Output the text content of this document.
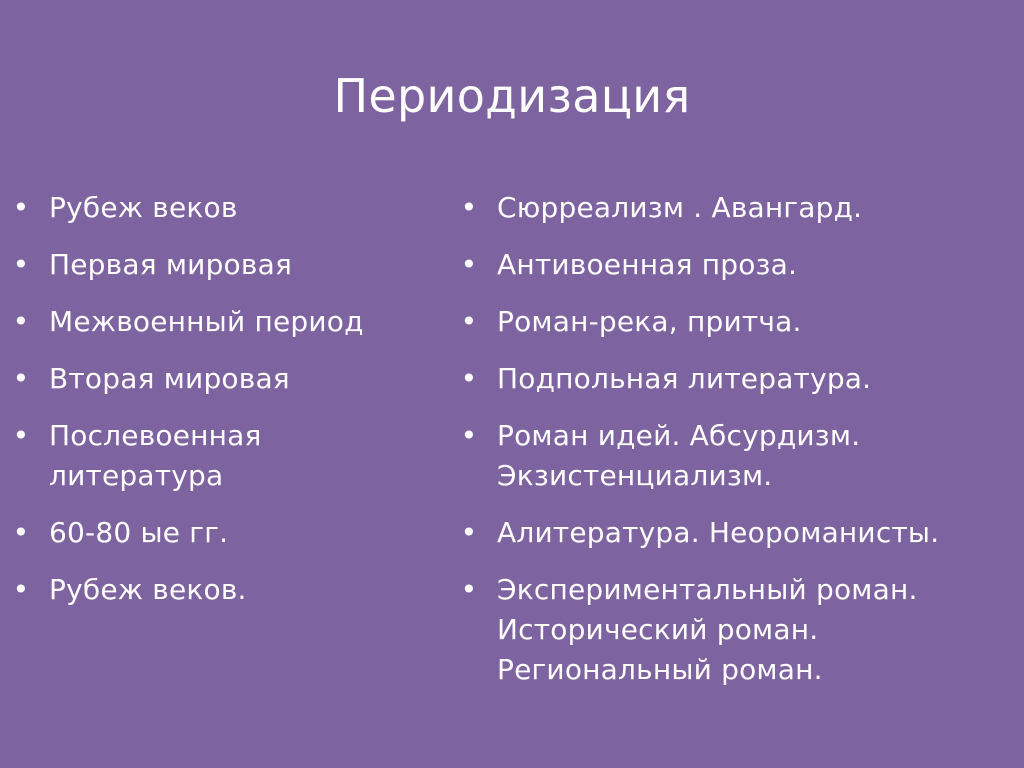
Периодизация
• Рубеж веков
• Первая мировая
• Межвоенный период
• Вторая мировая
• Послевоенная литература
• 60-80 ые гг.
• Рубеж веков.
• Сюрреализм . Авангард.
• Антивоенная проза.
• Роман-река, притча.
• Подпольная литература.
• Роман идей. Абсурдизм. Экзистенциализм.
• Алитература. Неороманисты.
• Экспериментальный роман. Исторический роман. Региональный роман.
